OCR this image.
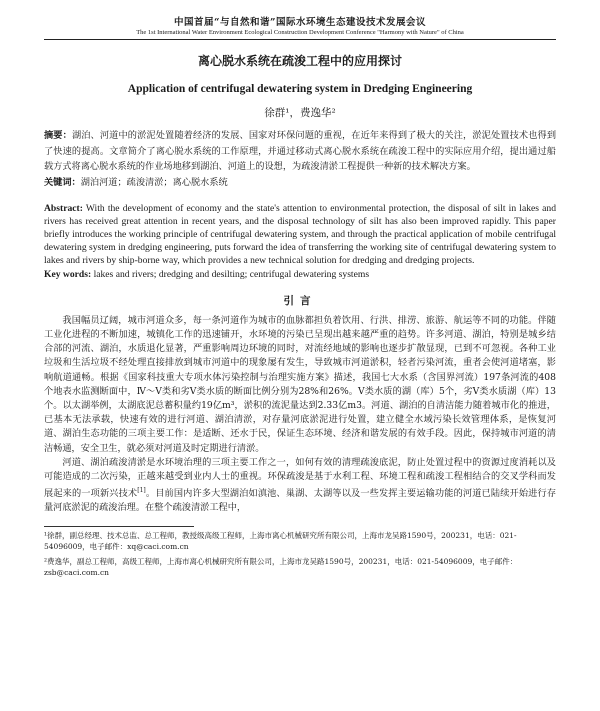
中国首届“与自然和谐”国际水环境生态建设技术发展会议
The 1st International Water Environment Ecological Construction Development Conference "Harmony with Nature" of China
离心脱水系统在疏浚工程中的应用探讨
Application of centrifugal dewatering system in Dredging Engineering
徐群¹，费逸华²
摘要：湖泊、河道中的淤泥处置随着经济的发展、国家对环保问题的重视，在近年来得到了极大的关注，淤泥处置技术也得到了快速的提高。文章简介了离心脱水系统的工作原理，并通过移动式离心脱水系统在疏浚工程中的实际应用介绍，提出通过船载方式将离心脱水系统的作业场地移到湖泊、河道上的设想，为疏浚清淤工程提供一种新的技术解决方案。
关键词：湖泊河道；疏浚清淤；离心脱水系统
Abstract: With the development of economy and the state's attention to environmental protection, the disposal of silt in lakes and rivers has received great attention in recent years, and the disposal technology of silt has also been improved rapidly. This paper briefly introduces the working principle of centrifugal dewatering system, and through the practical application of mobile centrifugal dewatering system in dredging engineering, puts forward the idea of transferring the working site of centrifugal dewatering system to lakes and rivers by ship-borne way, which provides a new technical solution for dredging and dredging projects.
Key words: lakes and rivers; dredging and desilting; centrifugal dewatering systems
引言

我国幅员辽阔，城市河道众多，每一条河道作为城市的血脉都担负着饮用、行洪、排涝、旅游、航运等不同的功能。伴随工业化进程的不断加速，城镇化工作的迅速铺开，水环境的污染已呈现出越来越严重的趋势。许多河道、湖泊，特别是城乡结合部的河流、湖泊，水质退化显著，严重影响周边环境的同时，对流经地域的影响也逐步扩散显现，已到不可忽视。各种工业垃圾和生活垃圾不经处理直接排放到城市河道中的现象屡有发生，导致城市河道淤积，轻者污染河流，重者会使河道堵塞，影响航道通畅。根据《国家科技重大专项水体污染控制与治理实施方案》描述，我国七大水系（含国界河流）197条河流的408个地表水监测断面中，Ⅳ～Ⅴ类和劣Ⅴ类水质的断面比例分别为28%和26%。Ⅴ类水质的湖（库）5个，劣Ⅴ类水质湖（库）13个。以太湖举例，太湖底泥总蓄积量约19亿m³，淤积的流泥量达到2.33亿m3。河道、湖泊的自清洁能力随着城市化的推进，已基本无法承载，快速有效的进行河道、湖泊清淤，对存量河底淤泥进行处置，建立健全水域污染长效管理体系，是恢复河道、湖泊生态功能的三项主要工作：是适断、还水于民，保证生态环境、经济和谐发展的有效手段。因此，保持城市河道的清洁畅通，安全卫生，就必须对河道及时定期进行清淤。

河道、湖泊疏浚清淤是水环境治理的三项主要工作之一，如何有效的清理疏浚底泥，防止处置过程中的资源过度消耗以及可能造成的二次污染，正越来越受到业内人士的重视。环保疏浚是基于水利工程、环境工程和疏浚工程相结合的交叉学科而发展起来的一项新兴技术[1]。目前国内许多大型湖泊如滇池、巢湖、太湖等以及一些发挥主要运输功能的河道已陆续开始进行存量河底淤泥的疏浚治理。在整个疏浚清淤工程中，

¹徐群，副总经理、技术总监、总工程师，教授级高级工程师，上海市离心机械研究所有限公司，上海市龙吴路1590号，200231，电话：021-54096009，电子邮件：xq@caci.com.cn
²费逸华，副总工程师，高级工程师，上海市离心机械研究所有限公司，上海市龙吴路1590号，200231，电话：021-54096009，电子邮件：zsb@caci.com.cn
